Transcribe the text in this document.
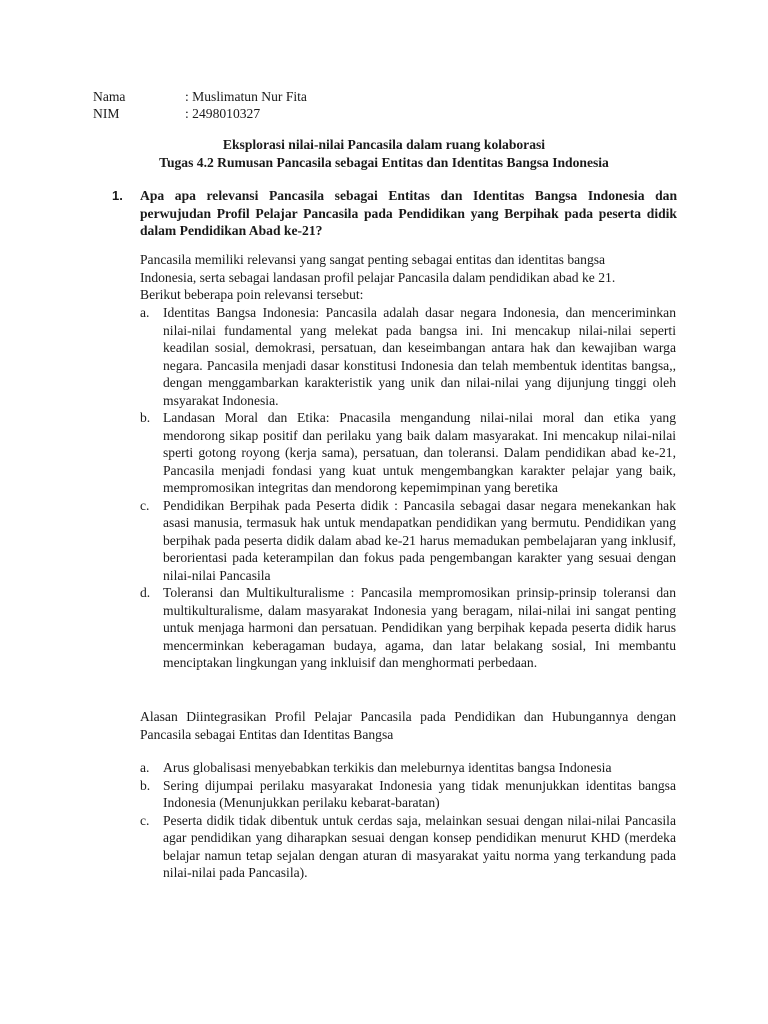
Nama	: Muslimatun Nur Fita
NIM	: 2498010327
Eksplorasi nilai-nilai Pancasila dalam ruang kolaborasi
Tugas 4.2 Rumusan Pancasila sebagai Entitas dan Identitas Bangsa Indonesia
1.	Apa apa relevansi Pancasila sebagai Entitas dan Identitas Bangsa Indonesia dan perwujudan Profil Pelajar Pancasila pada Pendidikan yang Berpihak pada peserta didik dalam Pendidikan Abad ke-21?

Pancasila memiliki relevansi yang sangat penting sebagai entitas dan identitas bangsa

Indonesia, serta sebagai landasan profil pelajar Pancasila dalam pendidikan abad ke 21.

Berikut beberapa poin relevansi tersebut:

a. Identitas Bangsa Indonesia: Pancasila adalah dasar negara Indonesia, dan menceriminkan nilai-nilai fundamental yang melekat pada bangsa ini. Ini mencakup nilai-nilai seperti keadilan sosial, demokrasi, persatuan, dan keseimbangan antara hak dan kewajiban warga negara. Pancasila menjadi dasar konstitusi Indonesia dan telah membentuk identitas bangsa,, dengan menggambarkan karakteristik yang unik dan nilai-nilai yang dijunjung tinggi oleh msyarakat Indonesia.
b. Landasan Moral dan Etika: Pnacasila mengandung nilai-nilai moral dan etika yang mendorong sikap positif dan perilaku yang baik dalam masyarakat. Ini mencakup nilai-nilai sperti gotong royong (kerja sama), persatuan, dan toleransi. Dalam pendidikan abad ke-21, Pancasila menjadi fondasi yang kuat untuk mengembangkan karakter pelajar yang baik, mempromosikan integritas dan mendorong kepemimpinan yang beretika
c. Pendidikan Berpihak pada Peserta didik : Pancasila sebagai dasar negara menekankan hak asasi manusia, termasuk hak untuk mendapatkan pendidikan yang bermutu. Pendidikan yang berpihak pada peserta didik dalam abad ke-21 harus memadukan pembelajaran yang inklusif, berorientasi pada keterampilan dan fokus pada pengembangan karakter yang sesuai dengan nilai-nilai Pancasila
d. Toleransi dan Multikulturalisme : Pancasila mempromosikan prinsip-prinsip toleransi dan multikulturalisme, dalam masyarakat Indonesia yang beragam, nilai-nilai ini sangat penting untuk menjaga harmoni dan persatuan. Pendidikan yang berpihak kepada peserta didik harus mencerminkan keberagaman budaya, agama, dan latar belakang sosial, Ini membantu menciptakan lingkungan yang inkluisif dan menghormati perbedaan.
Alasan Diintegrasikan Profil Pelajar Pancasila pada Pendidikan dan Hubungannya dengan Pancasila sebagai Entitas dan Identitas Bangsa
a. Arus globalisasi menyebabkan terkikis dan meleburnya identitas bangsa Indonesia
b. Sering dijumpai perilaku masyarakat Indonesia yang tidak menunjukkan identitas bangsa Indonesia (Menunjukkan perilaku kebarat-baratan)
c. Peserta didik tidak dibentuk untuk cerdas saja, melainkan sesuai dengan nilai-nilai Pancasila agar pendidikan yang diharapkan sesuai dengan konsep pendidikan menurut KHD (merdeka belajar namun tetap sejalan dengan aturan di masyarakat yaitu norma yang terkandung pada nilai-nilai pada Pancasila).
